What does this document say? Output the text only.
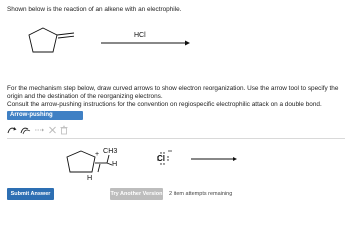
Shown below is the reaction of an alkene with an electrophile.
HCl
For the mechanism step below, draw curved arrows to show electron reorganization. Use the arrow tool to specify the origin and the destination of the reorganizing electrons.
Consult the arrow-pushing instructions for the convention on regiospecific electrophilic attack on a double bond.
Arrow-pushing Instructions
+ CH3
H
H
Cl
Submit Answer	Try Another Version 2 item attempts remaining
